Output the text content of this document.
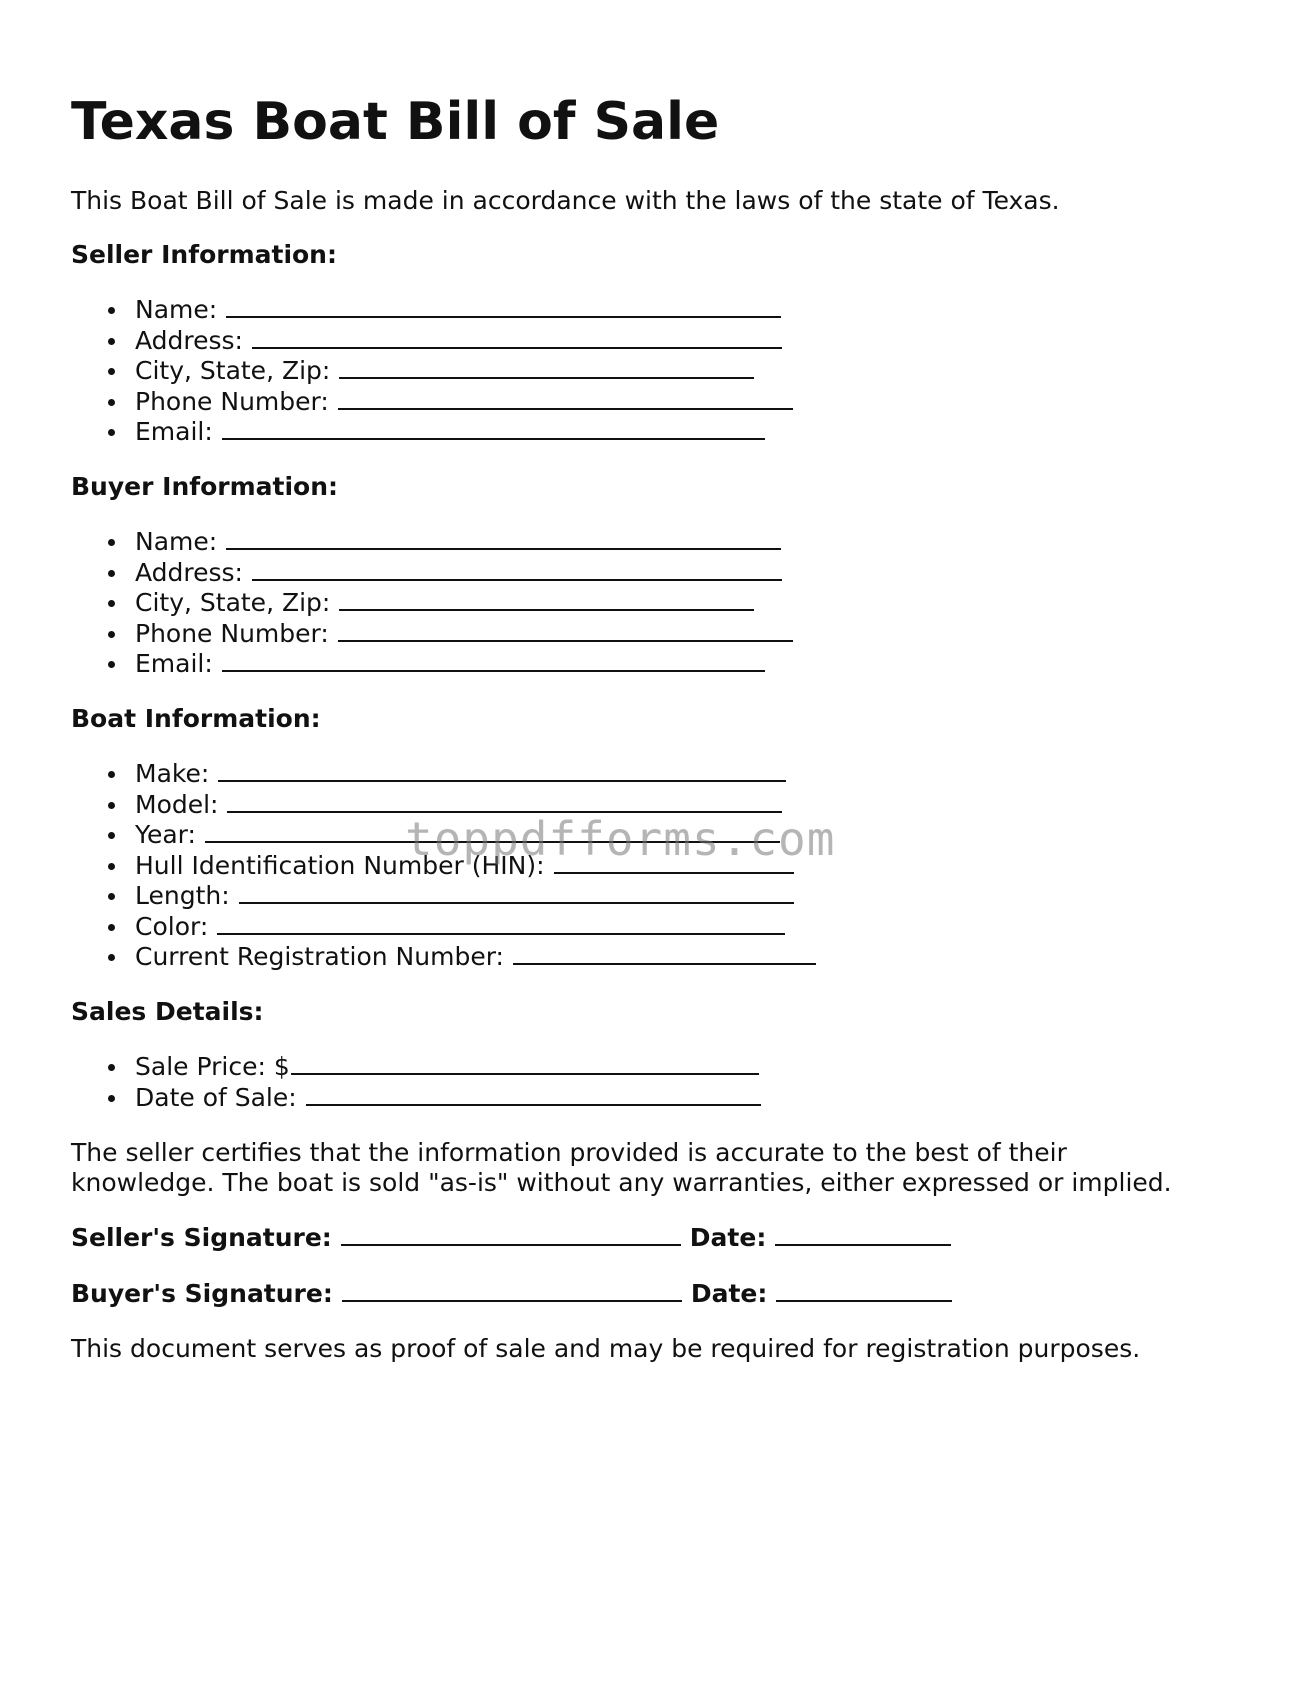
Texas Boat Bill of Sale

This Boat Bill of Sale is made in accordance with the laws of the state of Texas.

Seller Information:

Name:
Address:
City, State, Zip:
Phone Number:
Email:

Buyer Information:

Name:
Address:
City, State, Zip:
Phone Number:
Email:

Boat Information:

Make:
Model:
Year:
Hull Identification Number (HIN):
Length:
Color:
Current Registration Number:

Sales Details:

Sale Price: $
Date of Sale:

The seller certifies that the information provided is accurate to the best of their

knowledge. The boat is sold "as-is" without any warranties, either expressed or implied.

Seller's Signature:	Date:

Buyer's Signature:	Date:

This document serves as proof of sale and may be required for registration purposes.

toppdfforms.com
